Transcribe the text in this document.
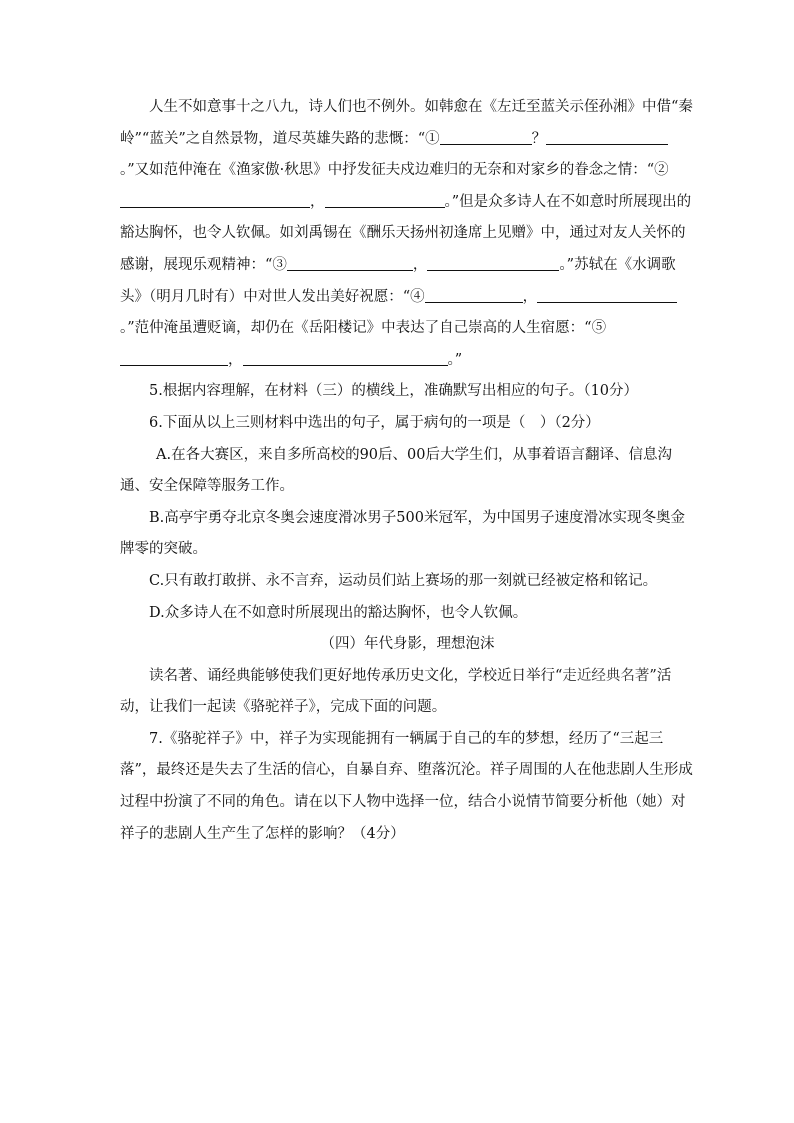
人生不如意事十之八九，诗人们也不例外。如韩愈在《左迁至蓝关示侄孙湘》中借“秦岭”“蓝关”之自然景物，道尽英雄失路的悲慨：“①	？。”又如范仲淹在《渔家傲·秋思》中抒发征夫戍边难归的无奈和对家乡的眷念之情：“②，	。”但是众多诗人在不如意时所展现出的豁达胸怀，也令人钦佩。如刘禹锡在《酬乐天扬州初逢席上见赠》中，通过对友人关怀的感谢，展现乐观精神：“③	，	。”苏轼在《水调歌头》（明月几时有）中对世人发出美好祝愿：“④	，。”范仲淹虽遭贬谪，却仍在《岳阳楼记》中表达了自己崇高的人生宿愿：“⑤，	。”

5.根据内容理解，在材料（三）的横线上，准确默写出相应的句子。（10分）

6.下面从以上三则材料中选出的句子，属于病句的一项是（　）（2分）

A.在各大赛区，来自多所高校的90后、00后大学生们，从事着语言翻译、信息沟通、安全保障等服务工作。

B.高亭宇勇夺北京冬奥会速度滑冰男子500米冠军，为中国男子速度滑冰实现冬奥金牌零的突破。

C.只有敢打敢拼、永不言弃，运动员们站上赛场的那一刻就已经被定格和铭记。

D.众多诗人在不如意时所展现出的豁达胸怀，也令人钦佩。

（四）年代身影，理想泡沫

读名著、诵经典能够使我们更好地传承历史文化，学校近日举行“走近经典名著”活动，让我们一起读《骆驼祥子》，完成下面的问题。

7.《骆驼祥子》中，祥子为实现能拥有一辆属于自己的车的梦想，经历了“三起三落”，最终还是失去了生活的信心，自暴自弃、堕落沉沦。祥子周围的人在他悲剧人生形成过程中扮演了不同的角色。请在以下人物中选择一位，结合小说情节简要分析他（她）对祥子的悲剧人生产生了怎样的影响？（4分）
